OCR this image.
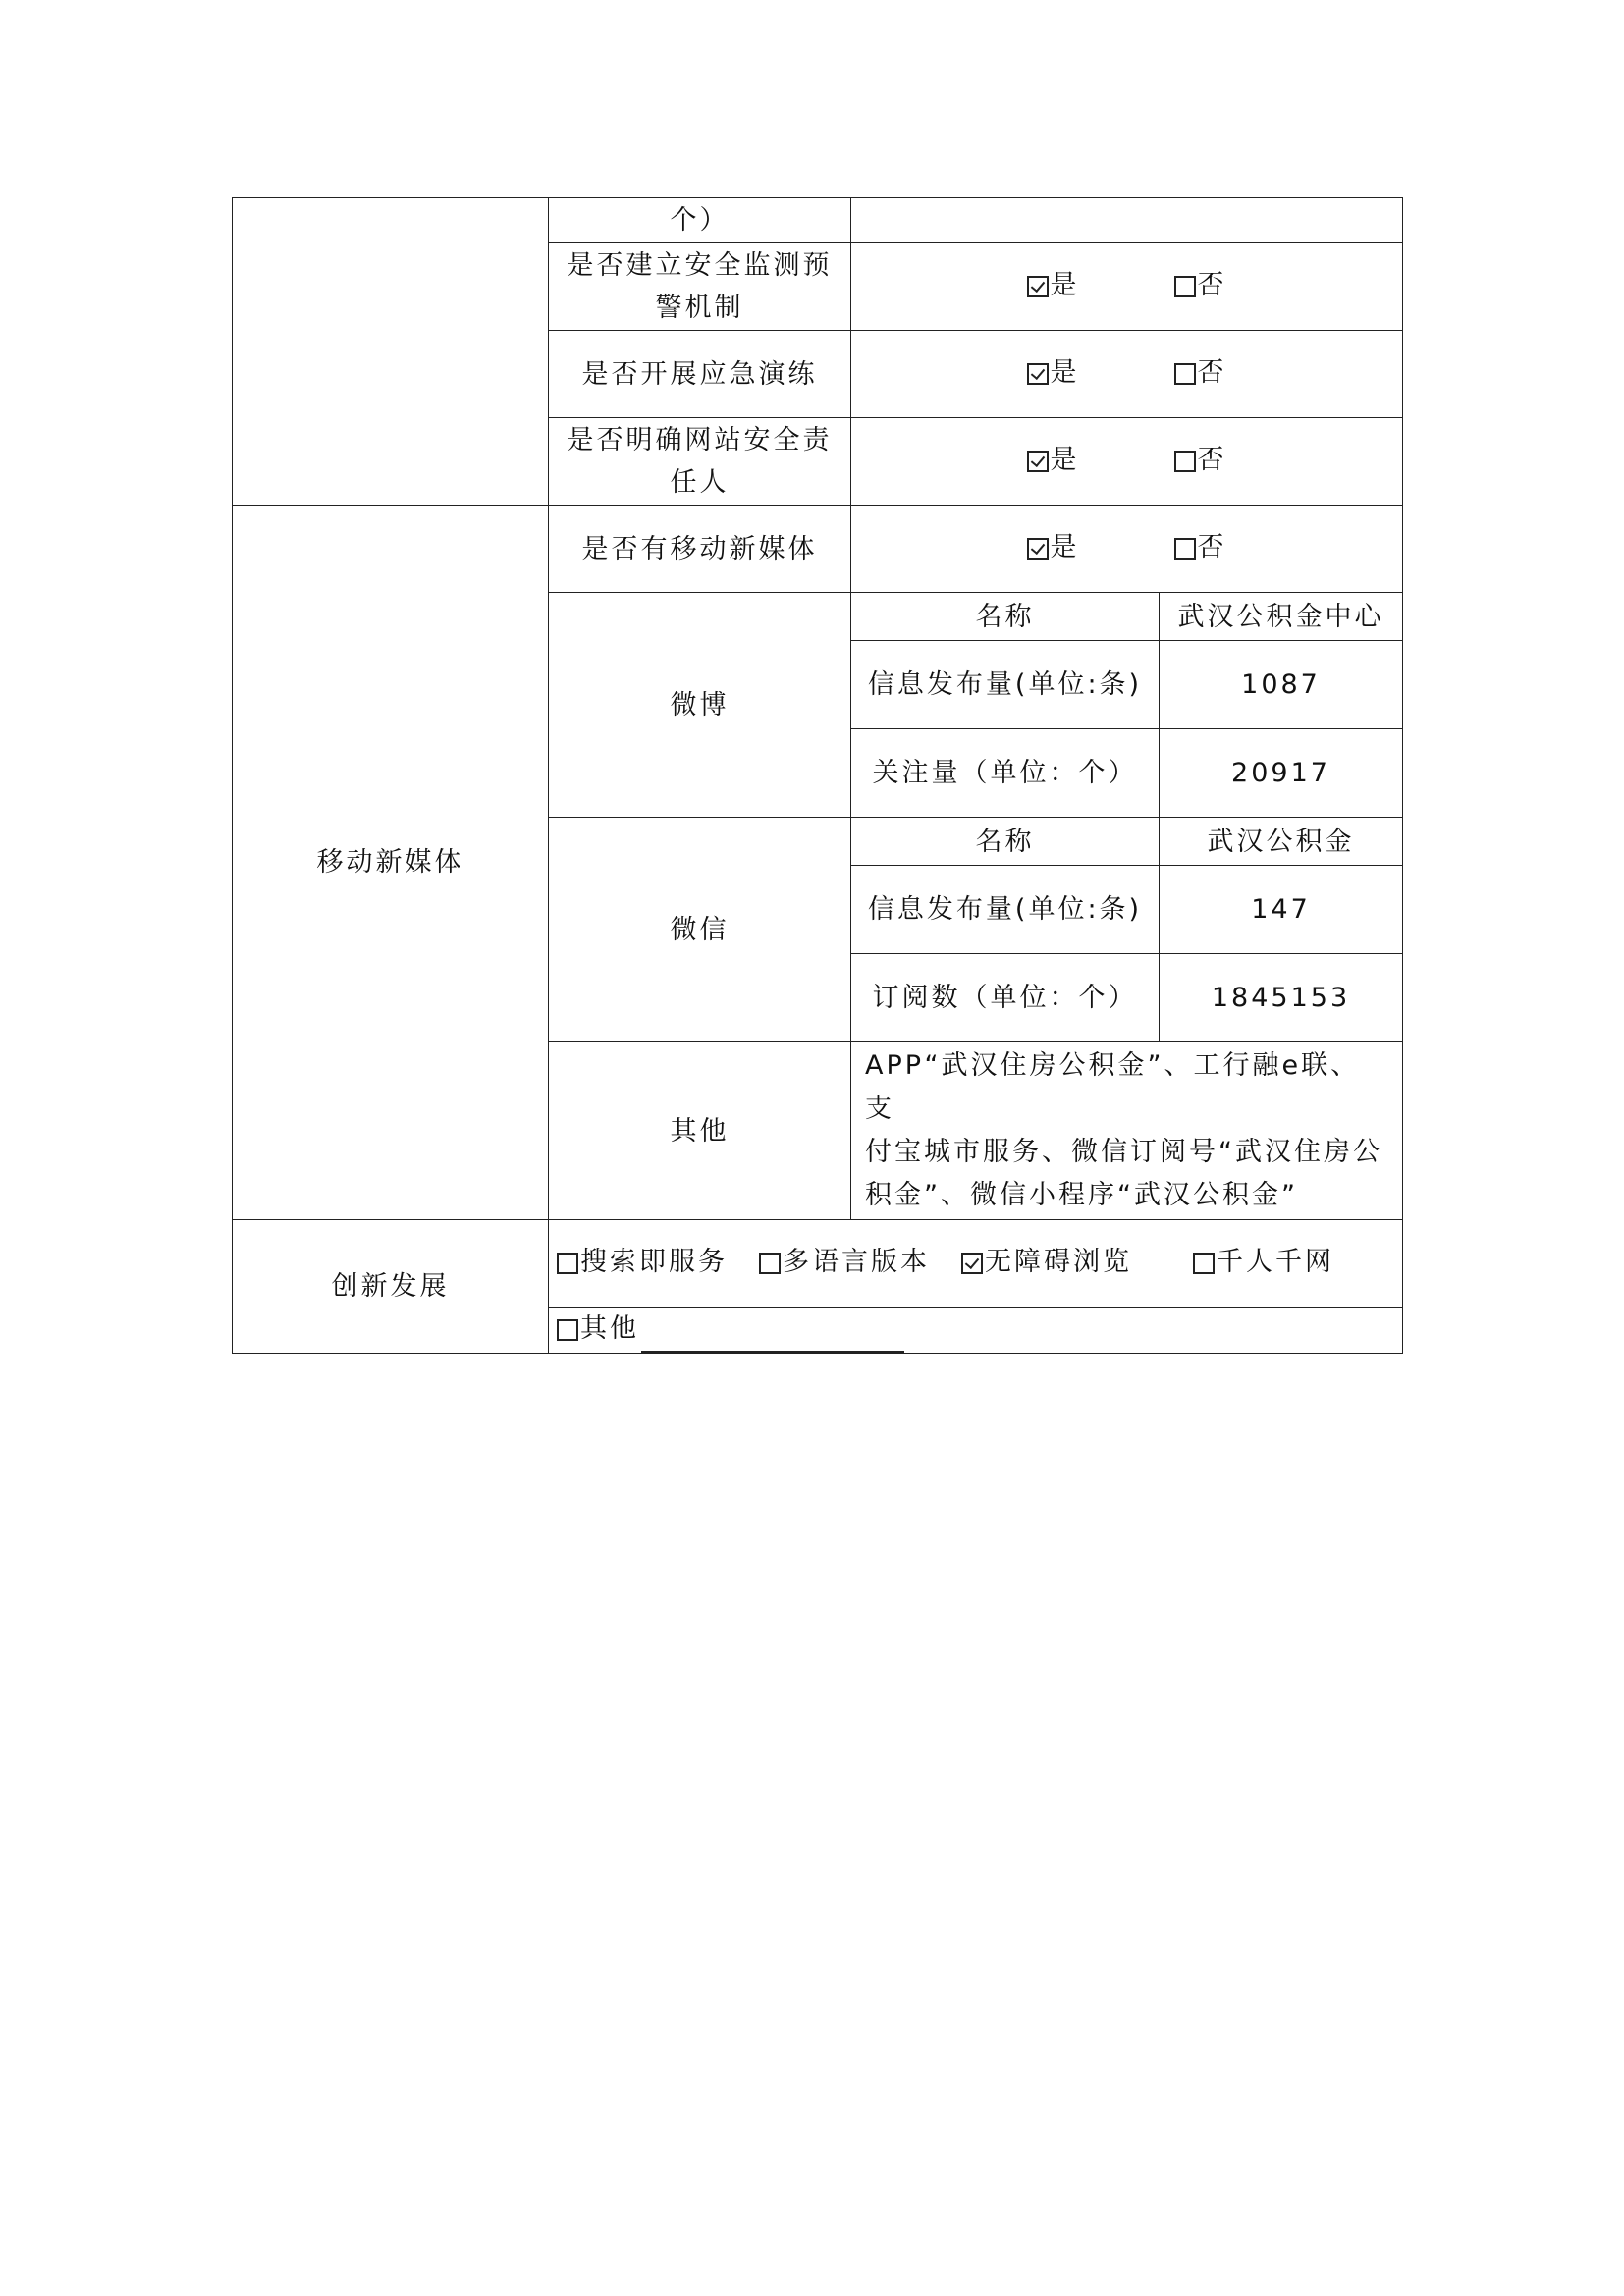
	个）		
	是否建立安全监测预警机制	是 否	

	是否开展应急演练	是 否	

	是否明确网站安全责任人	是 否	

移动新媒体	是否有移动新媒体	是 否	

	微博	名称	武汉公积金中心
		信息发布量(单位:条)	1087
		关注量（单位：个）	20917
	微信	名称	武汉公积金
		信息发布量(单位:条)	147
		订阅数（单位：个）	1845153
	其他	APP“武汉住房公积金”、工行融e联、支
付宝城市服务、微信订阅号“武汉住房公
积金”、微信小程序“武汉公积金”	

创新发展	搜索即服务 多语言版本 无障碍浏览 千人千网		

	其他		
